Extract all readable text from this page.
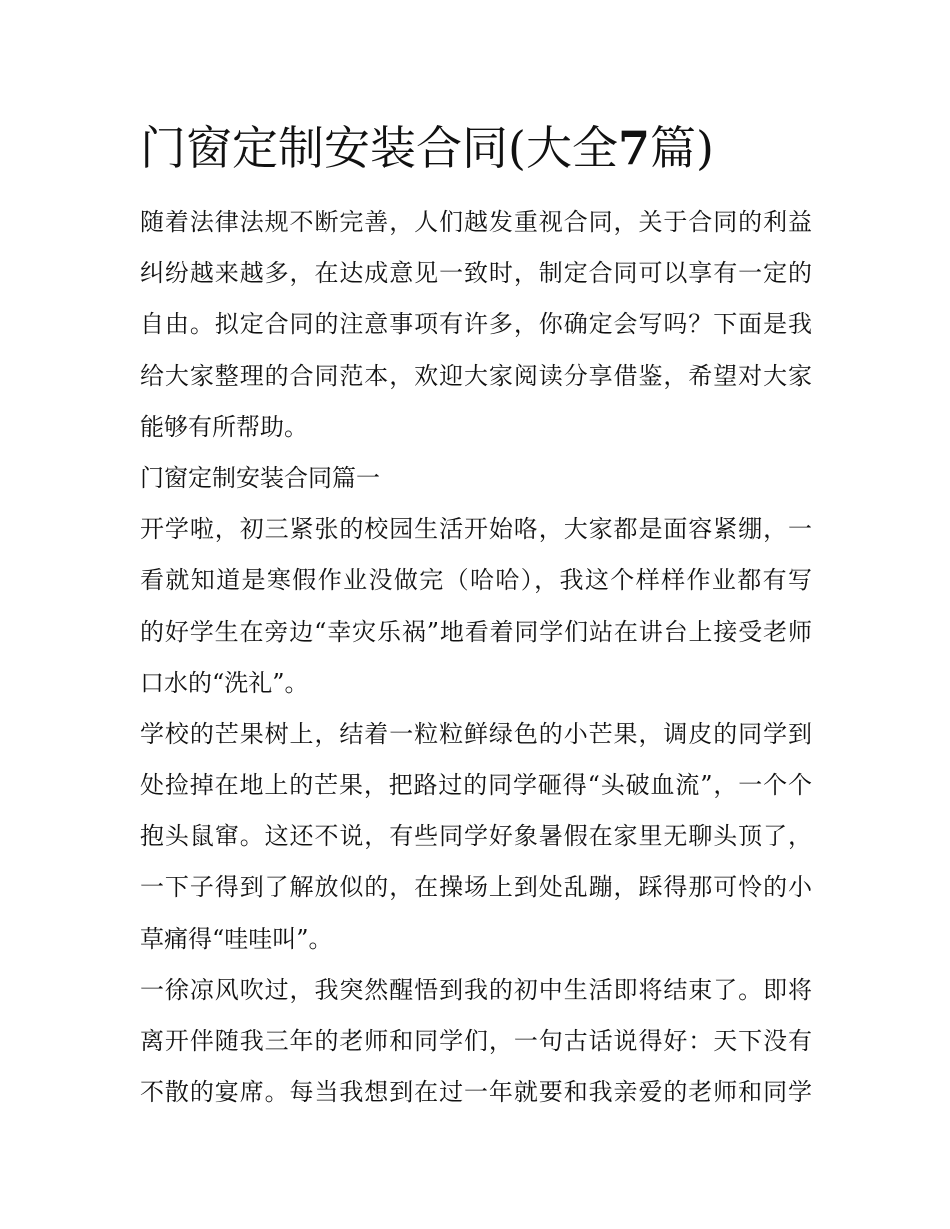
门窗定制安装合同(大全7篇)
随着法律法规不断完善，人们越发重视合同，关于合同的利益
纠纷越来越多，在达成意见一致时，制定合同可以享有一定的
自由。拟定合同的注意事项有许多，你确定会写吗？下面是我
给大家整理的合同范本，欢迎大家阅读分享借鉴，希望对大家
能够有所帮助。
门窗定制安装合同篇一
开学啦，初三紧张的校园生活开始咯，大家都是面容紧绷，一
看就知道是寒假作业没做完（哈哈），我这个样样作业都有写
的好学生在旁边“幸灾乐祸”地看着同学们站在讲台上接受老师
口水的“洗礼”。
学校的芒果树上，结着一粒粒鲜绿色的小芒果，调皮的同学到
处捡掉在地上的芒果，把路过的同学砸得“头破血流”，一个个
抱头鼠窜。这还不说，有些同学好象暑假在家里无聊头顶了，
一下子得到了解放似的，在操场上到处乱蹦，踩得那可怜的小
草痛得“哇哇叫”。
一徐凉风吹过，我突然醒悟到我的初中生活即将结束了。即将
离开伴随我三年的老师和同学们，一句古话说得好：天下没有
不散的宴席。每当我想到在过一年就要和我亲爱的老师和同学
